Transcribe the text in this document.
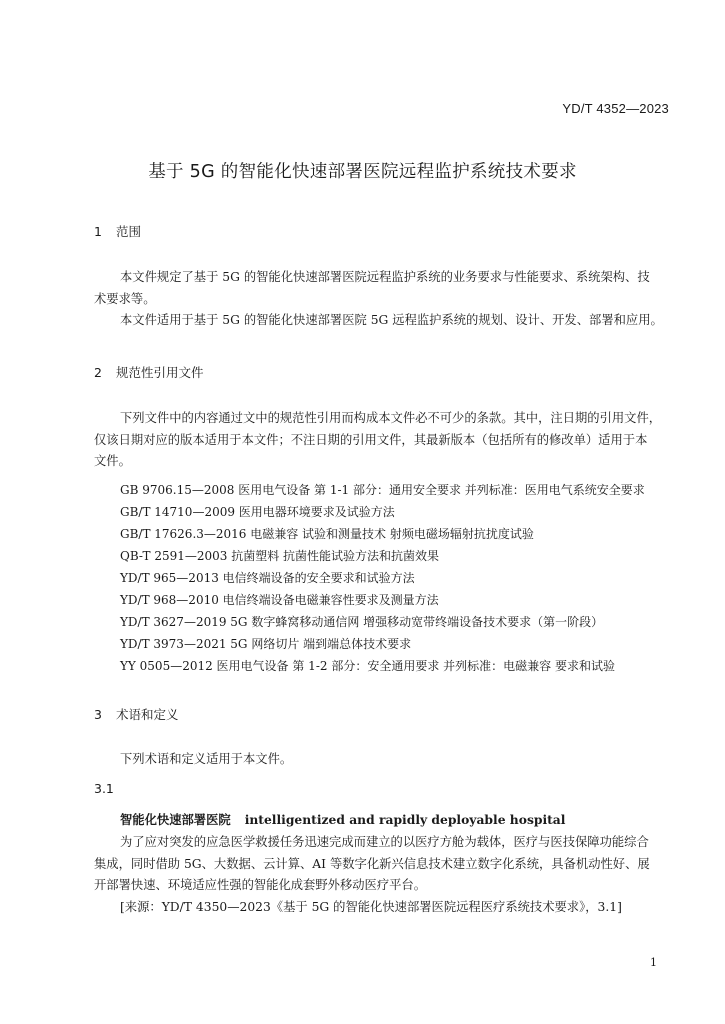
YD/T 4352—2023
基于 5G 的智能化快速部署医院远程监护系统技术要求
1 范围
本文件规定了基于 5G 的智能化快速部署医院远程监护系统的业务要求与性能要求、系统架构、技
术要求等。
本文件适用于基于 5G 的智能化快速部署医院 5G 远程监护系统的规划、设计、开发、部署和应用。
2 规范性引用文件
下列文件中的内容通过文中的规范性引用而构成本文件必不可少的条款。其中，注日期的引用文件，
仅该日期对应的版本适用于本文件；不注日期的引用文件，其最新版本（包括所有的修改单）适用于本
文件。
GB 9706.15—2008 医用电气设备 第 1-1 部分：通用安全要求 并列标准：医用电气系统安全要求
GB/T 14710—2009 医用电器环境要求及试验方法
GB/T 17626.3—2016 电磁兼容 试验和测量技术 射频电磁场辐射抗扰度试验
QB-T 2591—2003 抗菌塑料 抗菌性能试验方法和抗菌效果
YD/T 965—2013 电信终端设备的安全要求和试验方法
YD/T 968—2010 电信终端设备电磁兼容性要求及测量方法
YD/T 3627—2019 5G 数字蜂窝移动通信网 增强移动宽带终端设备技术要求（第一阶段）
YD/T 3973—2021 5G 网络切片 端到端总体技术要求
YY 0505—2012 医用电气设备 第 1-2 部分：安全通用要求 并列标准：电磁兼容 要求和试验
3 术语和定义
下列术语和定义适用于本文件。
3.1
智能化快速部署医院 intelligentized and rapidly deployable hospital
为了应对突发的应急医学救援任务迅速完成而建立的以医疗方舱为载体，医疗与医技保障功能综合
集成，同时借助 5G、大数据、云计算、AI 等数字化新兴信息技术建立数字化系统，具备机动性好、展
开部署快速、环境适应性强的智能化成套野外移动医疗平台。
[来源：YD/T 4350—2023《基于 5G 的智能化快速部署医院远程医疗系统技术要求》，3.1]
1
